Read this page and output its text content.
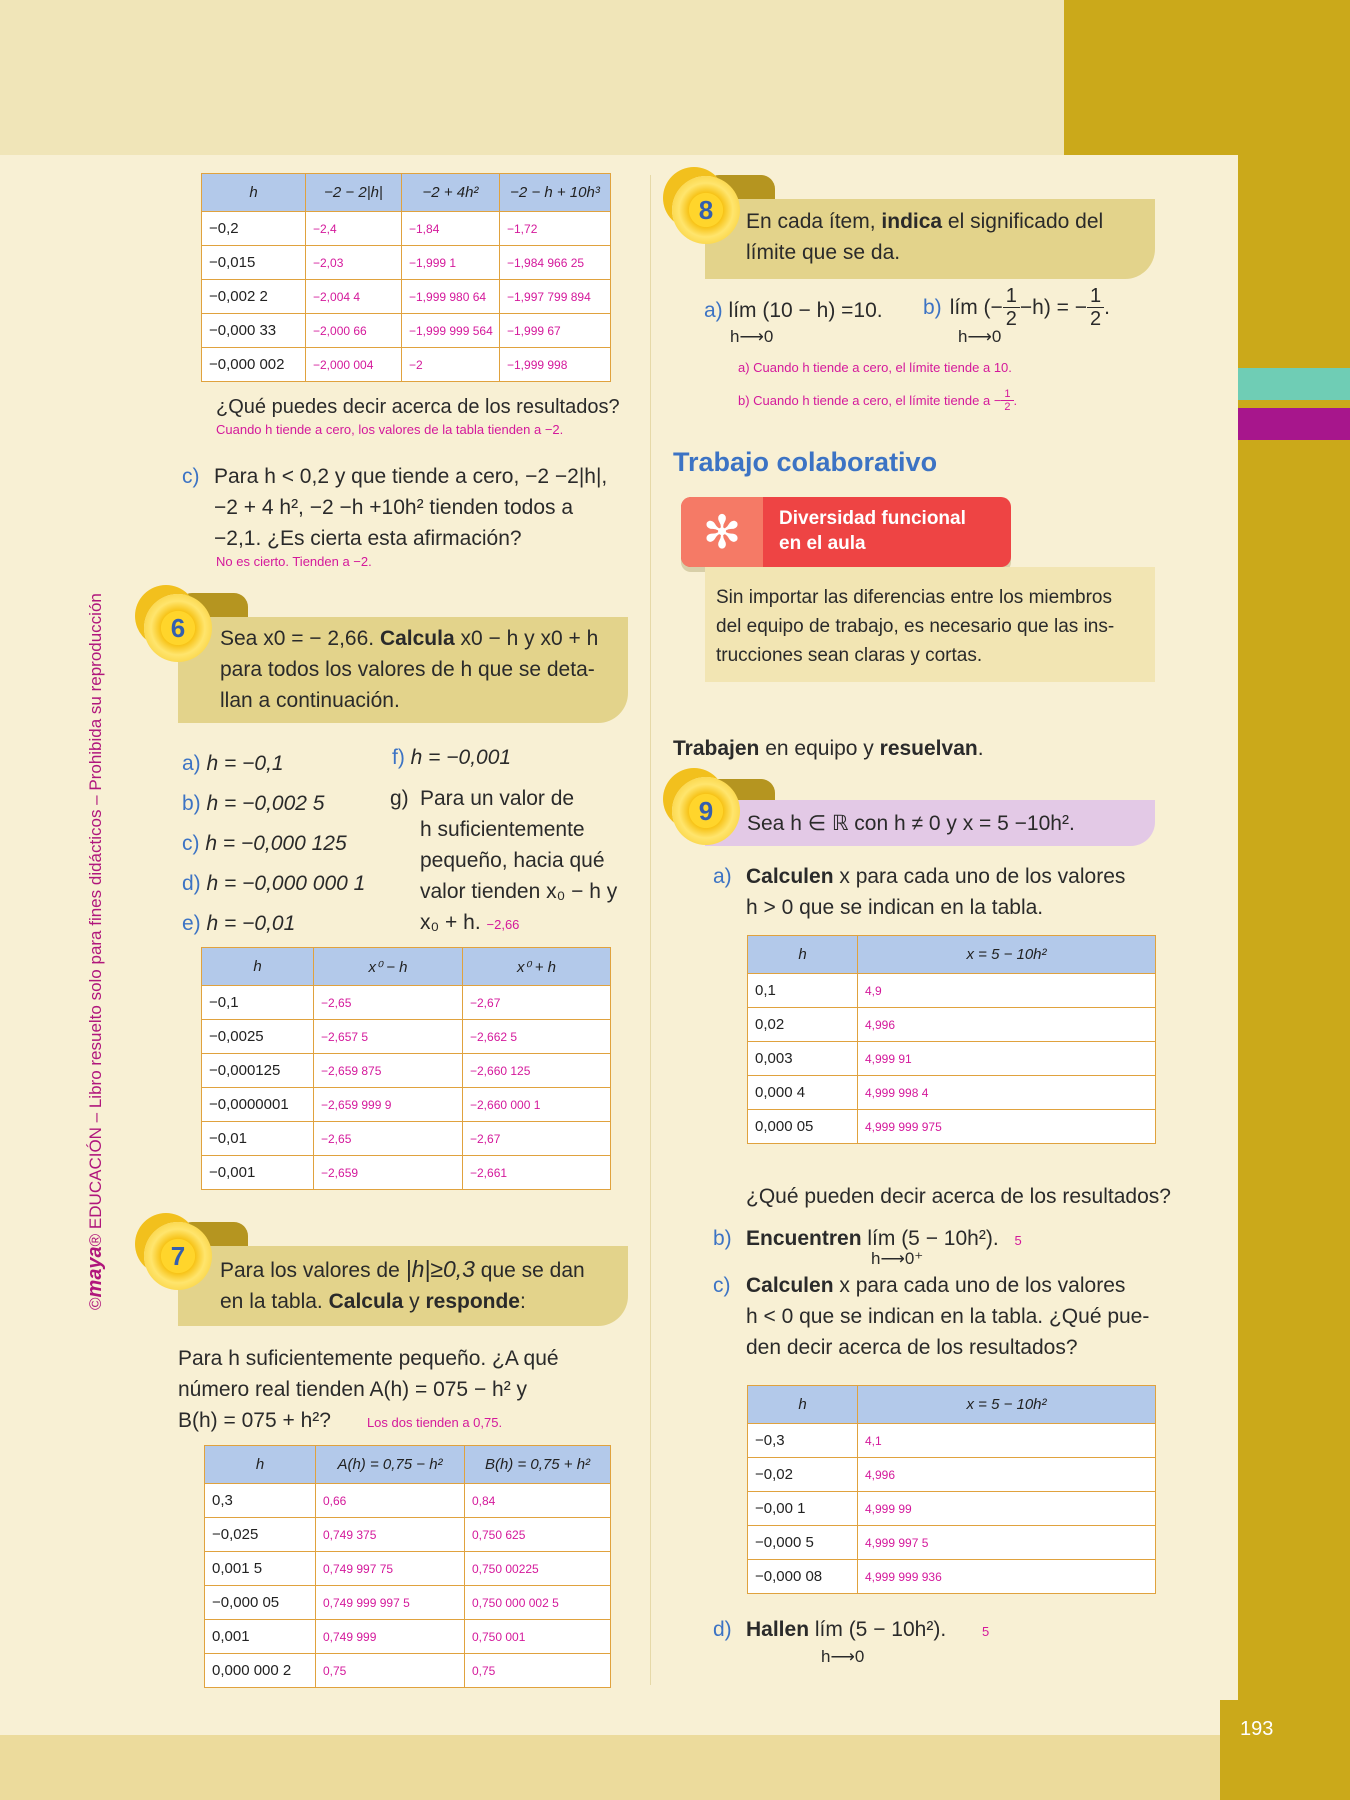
193
©maya® EDUCACIÓN – Libro resuelto solo para fines didácticos – Prohibida su reproducción
h	−2 − 2|h|	−2 + 4h²	−2 − h + 10h³
−0,2	−2,4	−1,84	−1,72
−0,015	−2,03	−1,999 1	−1,984 966 25
−0,002 2	−2,004 4	−1,999 980 64	−1,997 799 894
−0,000 33	−2,000 66	−1,999 999 564	−1,999 67
−0,000 002	−2,000 004	−2	−1,999 998
¿Qué puedes decir acerca de los resultados?
Cuando h tiende a cero, los valores de la tabla tienden a −2.
c) Para h < 0,2 y que tiende a cero, −2 −2|h|,
−2 + 4 h², −2 −h +10h² tienden todos a
−2,1. ¿Es cierta esta afirmación?
No es cierto. Tienden a −2.
6	Sea x0 = − 2,66. Calcula x0 − h y x0 + h
para todos los valores de h que se deta-
llan a continuación.
a) h = −0,1
b) h = −0,002 5
c) h = −0,000 125
d) h = −0,000 000 1
e) h = −0,01
f) h = −0,001
g) Para un valor de
h suficientemente
pequeño, hacia qué
valor tienden x₀ − h y
x₀ + h. −2,66
h	x⁰ − h	x⁰ + h
−0,1	−2,65	−2,67
−0,0025	−2,657 5	−2,662 5
−0,000125	−2,659 875	−2,660 125
−0,0000001	−2,659 999 9	−2,660 000 1
−0,01	−2,65	−2,67
−0,001	−2,659	−2,661
7	Para los valores de |h|≥0,3 que se dan
en la tabla. Calcula y responde:
Para h suficientemente pequeño. ¿A qué
número real tienden A(h) = 075 − h² y
B(h) = 075 + h²?	Los dos tienden a 0,75.
h	A(h) = 0,75 − h²	B(h) = 0,75 + h²
0,3	0,66	0,84
−0,025	0,749 375	0,750 625
0,001 5	0,749 997 75	0,750 00225
−0,000 05	0,749 999 997 5	0,750 000 002 5
0,001	0,749 999	0,750 001
0,000 000 2	0,75	0,75
8	En cada ítem, indica el significado del
límite que se da.
a) lím (10 − h) =10.
h⟶0
b) lím (− $\frac{1}{2} -h$) = − $\frac{1}{2}$ .
h⟶0
a) Cuando h tiende a cero, el límite tiende a 10.
b) Cuando h tiende a cero, el límite tiende $a - \frac{1}{2}$ .
Trabajo colaborativo
✻	Diversidad funcional
en el aula
Sin importar las diferencias entre los miembros
del equipo de trabajo, es necesario que las ins-
trucciones sean claras y cortas.
Trabajen en equipo y resuelvan.
9	Sea h ∈ ℝ con h ≠ 0 y x = 5 −10h².
a) Calculen x para cada uno de los valores
h > 0 que se indican en la tabla.
h	x = 5 − 10h²
0,1	4,9
0,02	4,996
0,003	4,999 91
0,000 4	4,999 998 4
0,000 05	4,999 999 975
¿Qué pueden decir acerca de los resultados?
b) Encuentren lím (5 − 10h²). 5
h⟶0⁺
c) Calculen x para cada uno de los valores
h < 0 que se indican en la tabla. ¿Qué pue-
den decir acerca de los resultados?
h	x = 5 − 10h²
−0,3	4,1
−0,02	4,996
−0,00 1	4,999 99
−0,000 5	4,999 997 5
−0,000 08	4,999 999 936
d) Hallen lím (5 − 10h²).	5
h⟶0
